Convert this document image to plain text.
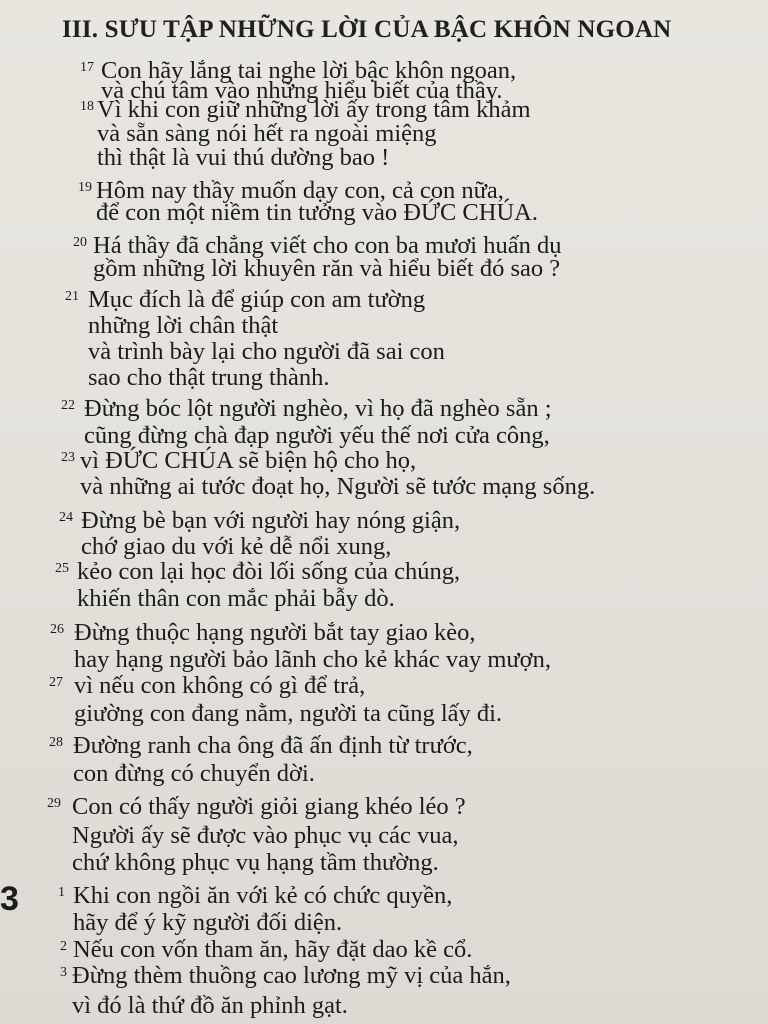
III. SƯU TẬP NHỮNG LỜI CỦA BẬC KHÔN NGOAN
3
17 Con hãy lắng tai nghe lời bậc khôn ngoan,
và chú tâm vào những hiểu biết của thầy.
18 Vì khi con giữ những lời ấy trong tâm khảm
và sẵn sàng nói hết ra ngoài miệng
thì thật là vui thú dường bao !
19 Hôm nay thầy muốn dạy con, cả con nữa,
để con một niềm tin tưởng vào ĐỨC CHÚA.
20 Há thầy đã chẳng viết cho con ba mươi huấn dụ
gồm những lời khuyên răn và hiểu biết đó sao ?
21 Mục đích là để giúp con am tường
những lời chân thật
và trình bày lại cho người đã sai con
sao cho thật trung thành.
22 Đừng bóc lột người nghèo, vì họ đã nghèo sẵn ;
cũng đừng chà đạp người yếu thế nơi cửa công,
23 vì ĐỨC CHÚA sẽ biện hộ cho họ,
và những ai tước đoạt họ, Người sẽ tước mạng sống.
24 Đừng bè bạn với người hay nóng giận,
chớ giao du với kẻ dễ nổi xung,
25 kẻo con lại học đòi lối sống của chúng,
khiến thân con mắc phải bẫy dò.
26 Đừng thuộc hạng người bắt tay giao kèo,
hay hạng người bảo lãnh cho kẻ khác vay mượn,
27 vì nếu con không có gì để trả,
giường con đang nằm, người ta cũng lấy đi.
28 Đường ranh cha ông đã ấn định từ trước,
con đừng có chuyển dời.
29 Con có thấy người giỏi giang khéo léo ?
Người ấy sẽ được vào phục vụ các vua,
chứ không phục vụ hạng tầm thường.
1 Khi con ngồi ăn với kẻ có chức quyền,
hãy để ý kỹ người đối diện.
2 Nếu con vốn tham ăn, hãy đặt dao kề cổ.
3 Đừng thèm thuồng cao lương mỹ vị của hắn,
vì đó là thứ đồ ăn phỉnh gạt.
